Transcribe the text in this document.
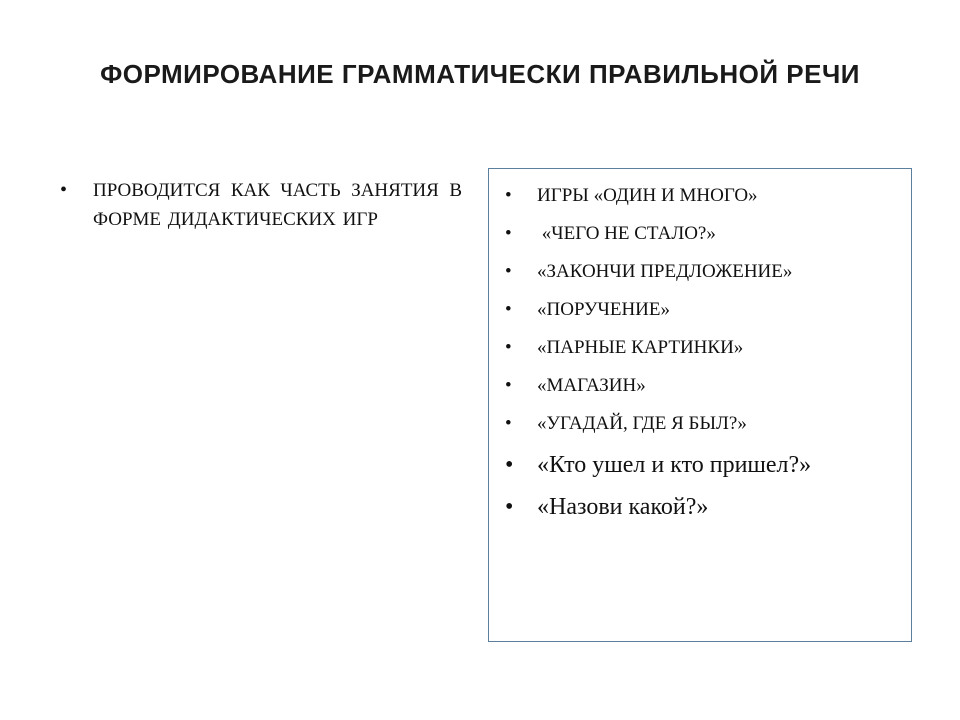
ФОРМИРОВАНИЕ ГРАММАТИЧЕСКИ ПРАВИЛЬНОЙ РЕЧИ
• ПРОВОДИТСЯ КАК ЧАСТЬ ЗАНЯТИЯ В ФОРМЕ ДИДАКТИЧЕСКИХ ИГР
• ИГРЫ «ОДИН И МНОГО»
• «ЧЕГО НЕ СТАЛО?»
• «ЗАКОНЧИ ПРЕДЛОЖЕНИЕ»
• «ПОРУЧЕНИЕ»
• «ПАРНЫЕ КАРТИНКИ»
• «МАГАЗИН»
• «УГАДАЙ, ГДЕ Я БЫЛ?»
• «Кто ушел и кто пришел?»
• «Назови какой?»
